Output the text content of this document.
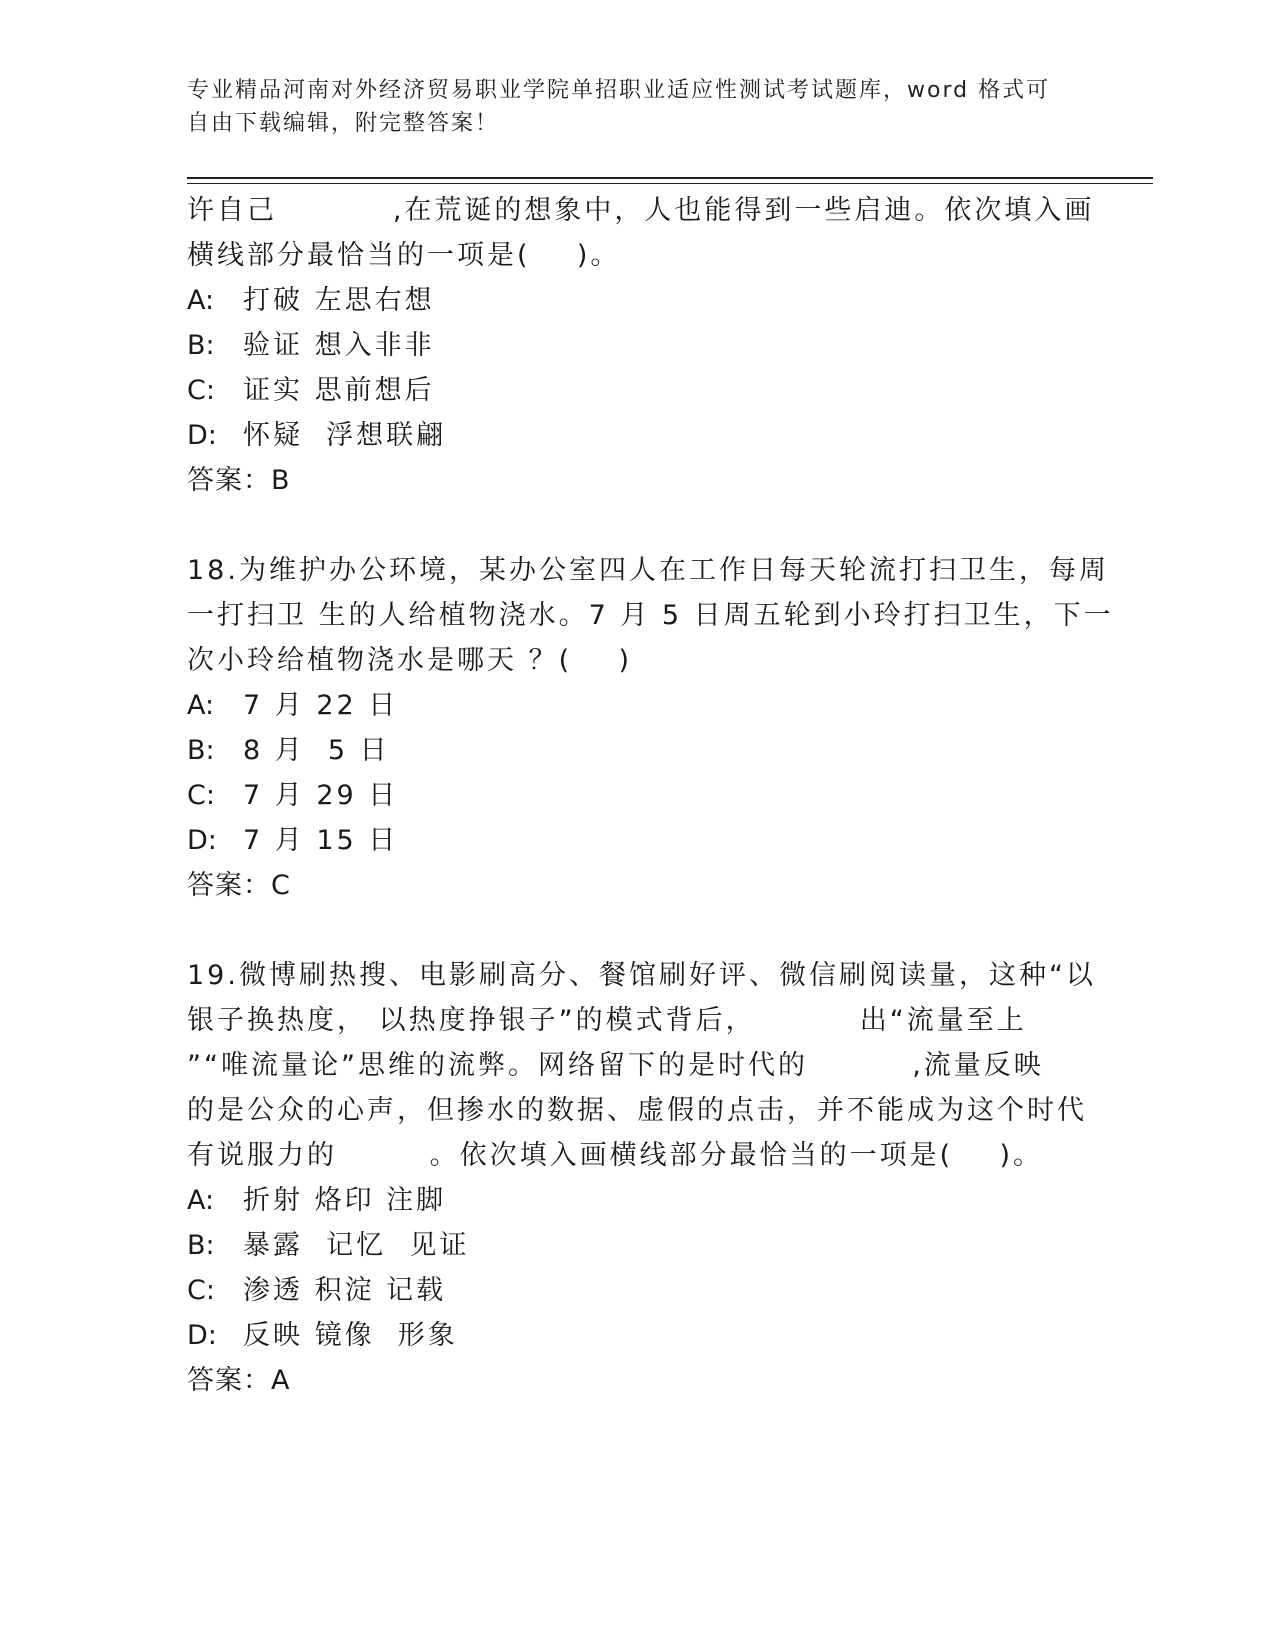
专业精品河南对外经济贸易职业学院单招职业适应性测试考试题库，word 格式可
自由下载编辑，附完整答案！

许自己          ,在荒诞的想象中，人也能得到一些启迪。依次填入画

横线部分最恰当的一项是(    )。

A: 打破 左思右想

B: 验证 想入非非

C: 证实 思前想后

D: 怀疑  浮想联翩

答案：B

18.为维护办公环境，某办公室四人在工作日每天轮流打扫卫生，每周

一打扫卫 生的人给植物浇水。7 月 5 日周五轮到小玲打扫卫生，下一

次小玲给植物浇水是哪天 ？(    )

A: 7 月 22 日

B: 8 月  5 日

C: 7 月 29 日

D: 7 月 15 日

答案：C

19.微博刷热搜、电影刷高分、餐馆刷好评、微信刷阅读量，这种“以

银子换热度， 以热度挣银子”的模式背后，         出“流量至上

”“唯流量论”思维的流弊。网络留下的是时代的         ,流量反映

的是公众的心声，但掺水的数据、虚假的点击，并不能成为这个时代

有说服力的        。依次填入画横线部分最恰当的一项是(    )。

A: 折射 烙印 注脚

B: 暴露  记忆  见证

C: 渗透 积淀 记载

D: 反映 镜像  形象

答案：A
